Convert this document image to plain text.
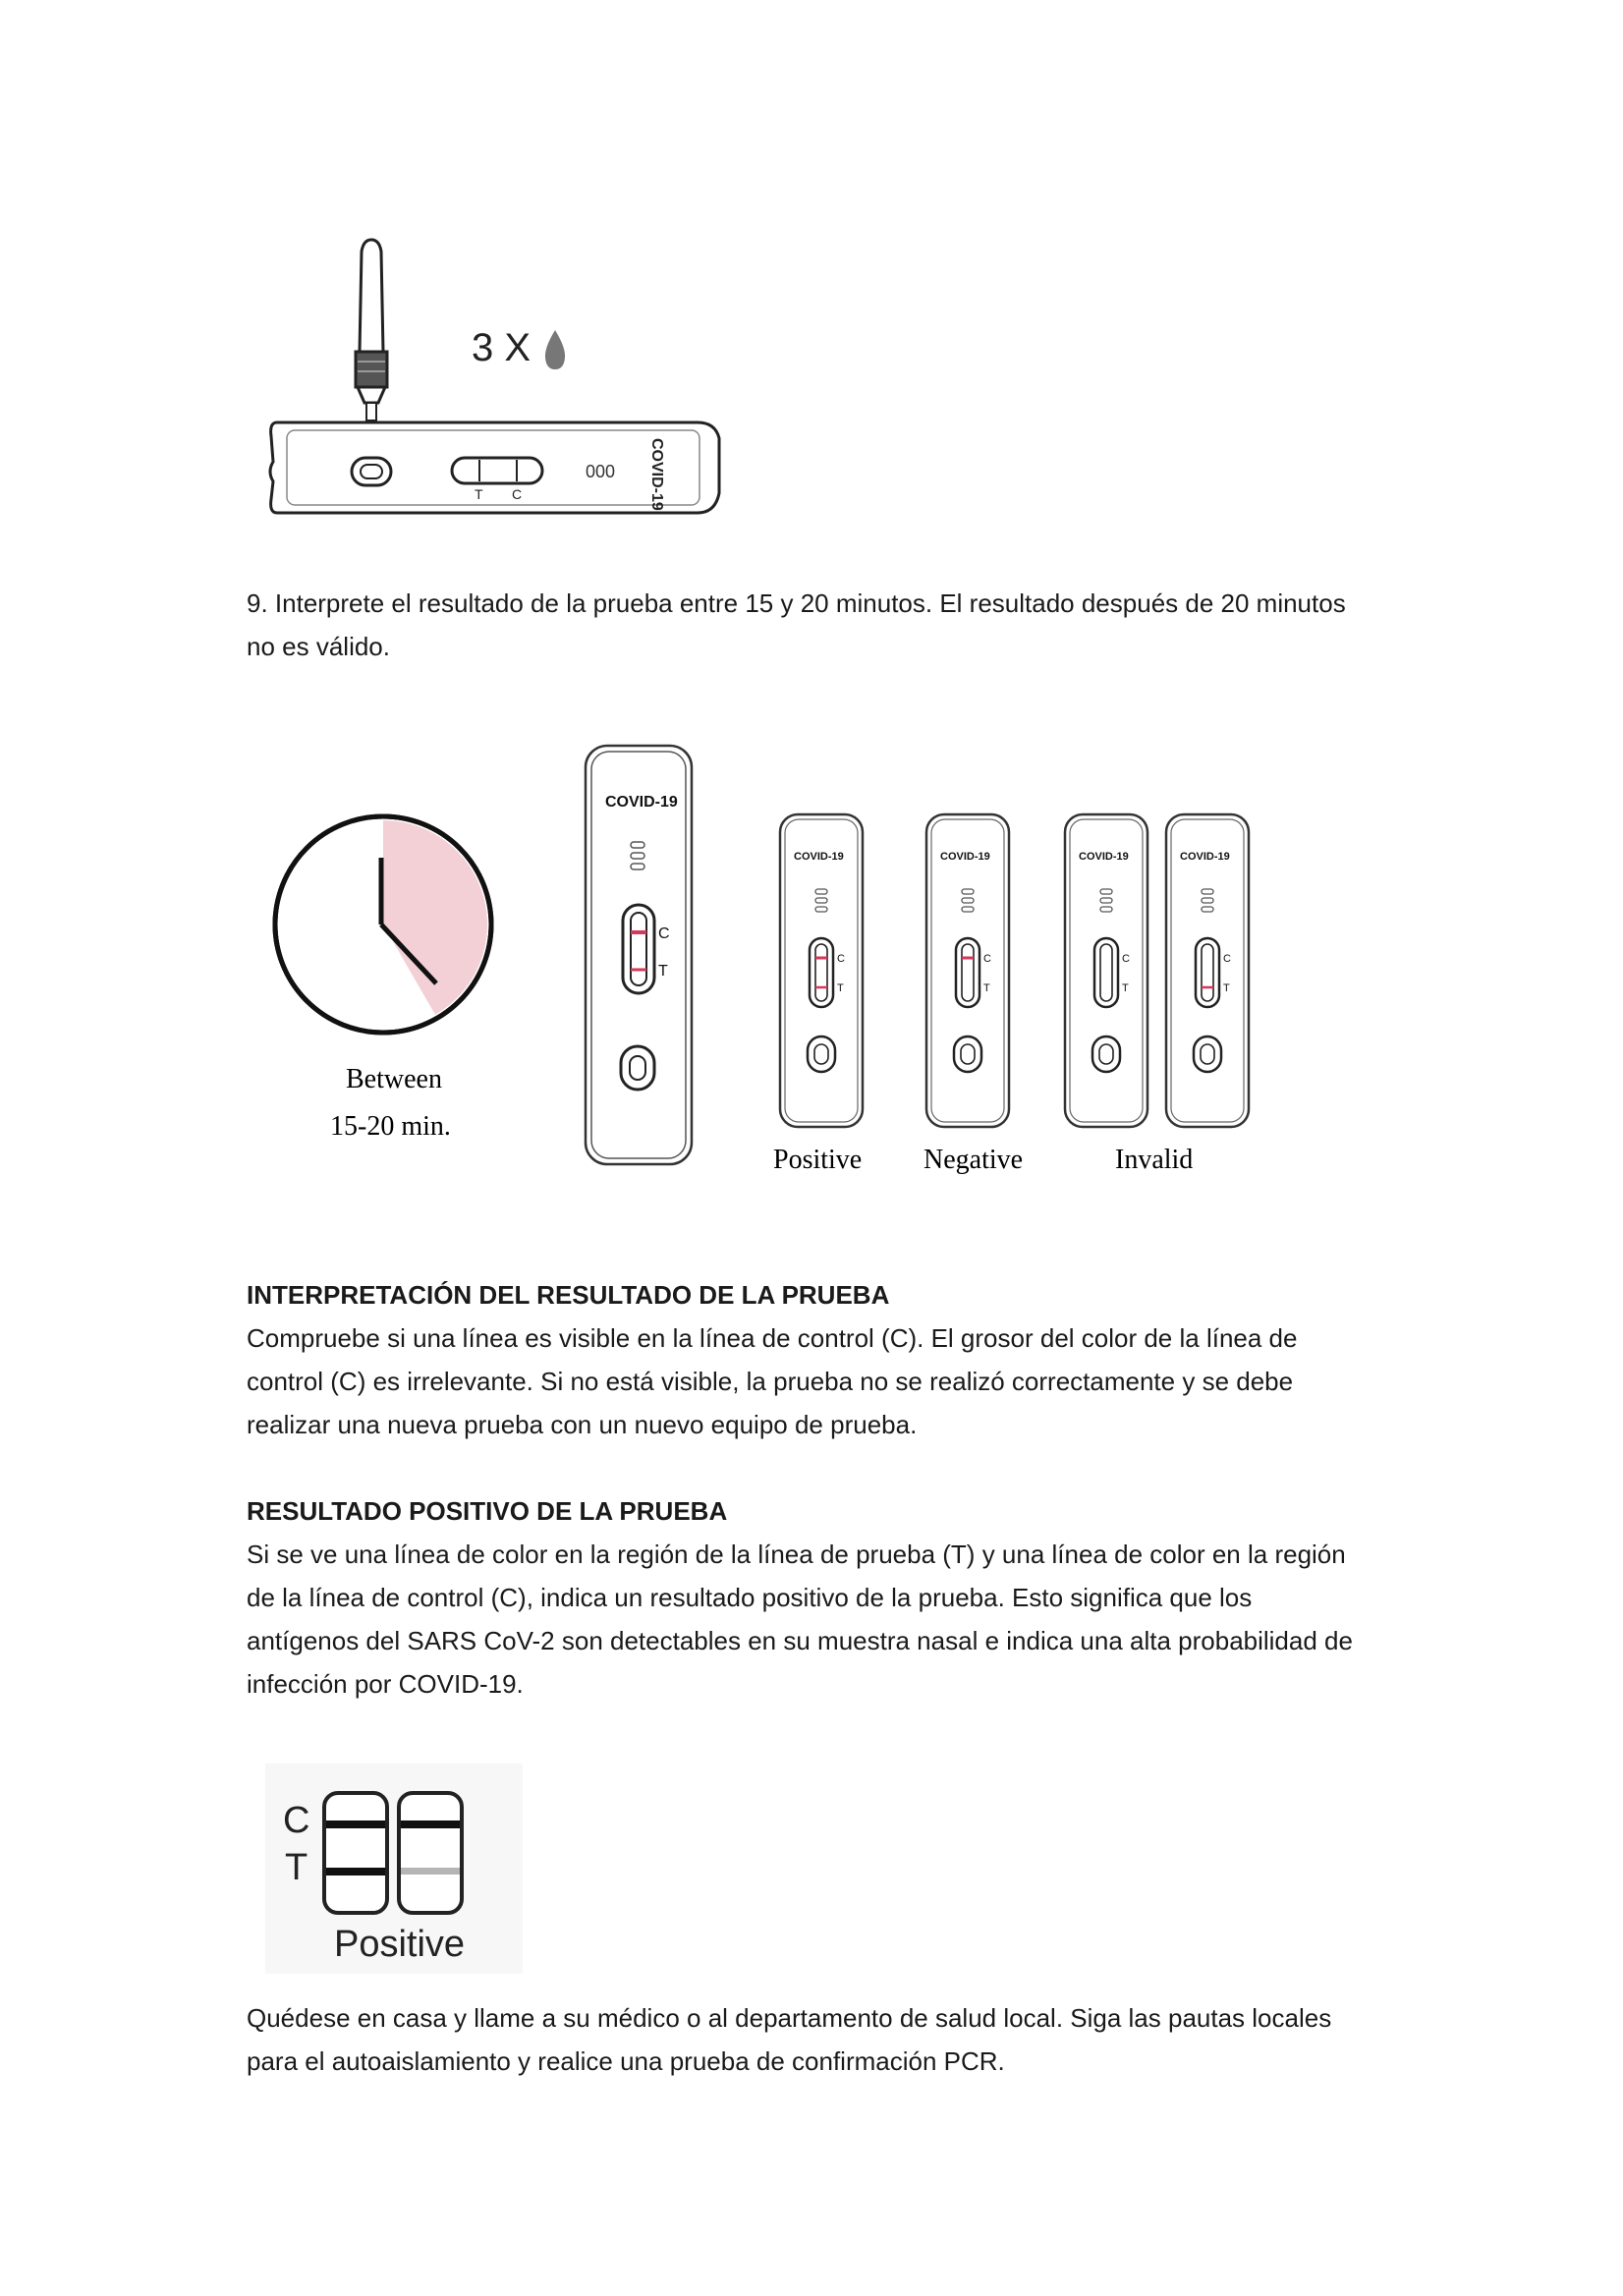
3 X
T C
000 COVID-19
9. Interprete el resultado de la prueba entre 15 y 20 minutos. El resultado después de 20 minutos
no es válido.
Between
15-20 min.
COVID-19
C
T
COVID-19
C
T
COVID-19
C
T
COVID-19
C
T
COVID-19
C
T
Positive Negative	Invalid
INTERPRETACIÓN DEL RESULTADO DE LA PRUEBA
Compruebe si una línea es visible en la línea de control (C). El grosor del color de la línea de
control (C) es irrelevante. Si no está visible, la prueba no se realizó correctamente y se debe
realizar una nueva prueba con un nuevo equipo de prueba.
RESULTADO POSITIVO DE LA PRUEBA
Si se ve una línea de color en la región de la línea de prueba (T) y una línea de color en la región
de la línea de control (C), indica un resultado positivo de la prueba. Esto significa que los
antígenos del SARS CoV-2 son detectables en su muestra nasal e indica una alta probabilidad de
infección por COVID-19.
C
T
Positive
Quédese en casa y llame a su médico o al departamento de salud local. Siga las pautas locales
para el autoaislamiento y realice una prueba de confirmación PCR.
